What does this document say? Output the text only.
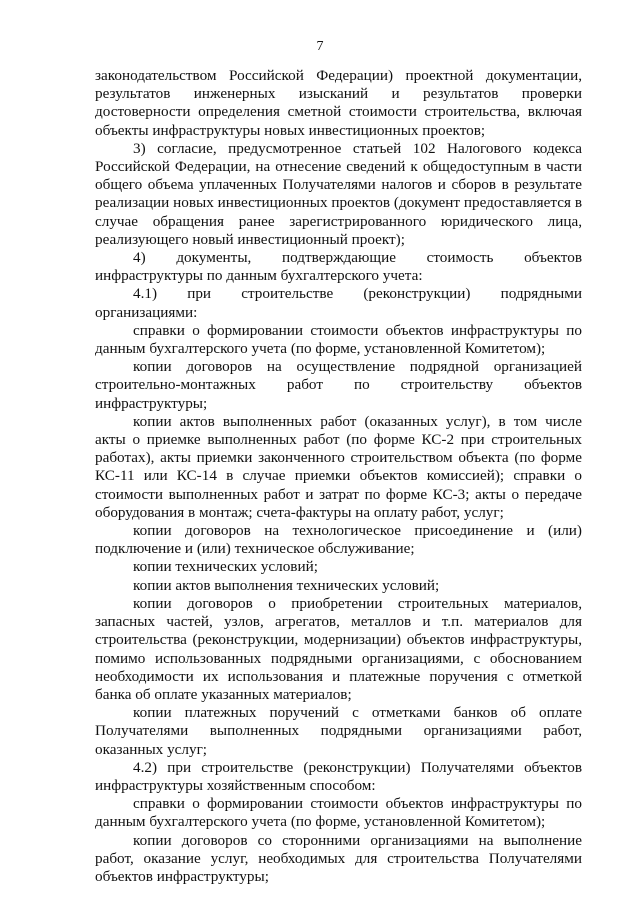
7

законодательством Российской Федерации) проектной документации, результатов инженерных изысканий и результатов проверки достоверности определения сметной стоимости строительства, включая объекты инфраструктуры новых инвестиционных проектов;

3) согласие, предусмотренное статьей 102 Налогового кодекса Российской Федерации, на отнесение сведений к общедоступным в части общего объема уплаченных Получателями налогов и сборов в результате реализации новых инвестиционных проектов (документ предоставляется в случае обращения ранее зарегистрированного юридического лица, реализующего новый инвестиционный проект);

4) документы, подтверждающие стоимость объектов инфраструктуры по данным бухгалтерского учета:

4.1) при строительстве (реконструкции) подрядными организациями:

справки о формировании стоимости объектов инфраструктуры по данным бухгалтерского учета (по форме, установленной Комитетом);

копии договоров на осуществление подрядной организацией строительно-монтажных работ по строительству объектов инфраструктуры;

копии актов выполненных работ (оказанных услуг), в том числе акты о приемке выполненных работ (по форме КС-2 при строительных работах), акты приемки законченного строительством объекта (по форме КС-11 или КС-14 в случае приемки объектов комиссией); справки о стоимости выполненных работ и затрат по форме КС-3; акты о передаче оборудования в монтаж; счета-фактуры на оплату работ, услуг;

копии договоров на технологическое присоединение и (или) подключение и (или) техническое обслуживание;

копии технических условий;

копии актов выполнения технических условий;

копии договоров о приобретении строительных материалов, запасных частей, узлов, агрегатов, металлов и т.п. материалов для строительства (реконструкции, модернизации) объектов инфраструктуры, помимо использованных подрядными организациями, с обоснованием необходимости их использования и платежные поручения с отметкой банка об оплате указанных материалов;

копии платежных поручений с отметками банков об оплате Получателями выполненных подрядными организациями работ, оказанных услуг;

4.2) при строительстве (реконструкции) Получателями объектов инфраструктуры хозяйственным способом:

справки о формировании стоимости объектов инфраструктуры по данным бухгалтерского учета (по форме, установленной Комитетом);

копии договоров со сторонними организациями на выполнение работ, оказание услуг, необходимых для строительства Получателями объектов инфраструктуры;
